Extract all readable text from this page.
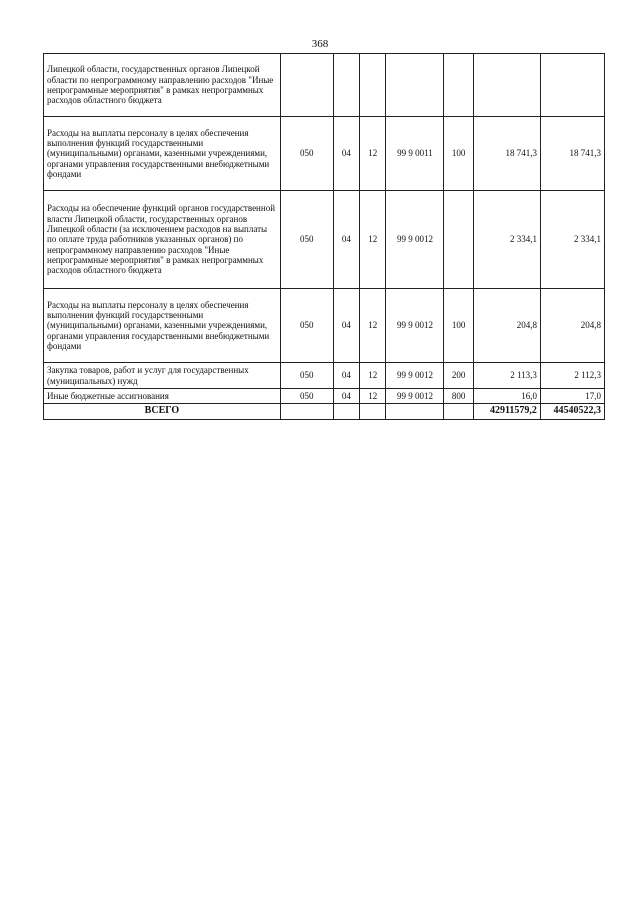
368
Липецкой области, государственных органов Липецкой области по непрограммному направлению расходов "Иные непрограммные мероприятия" в рамках непрограммных расходов областного бюджета							
Расходы на выплаты персоналу в целях обеспечения выполнения функций государственными (муниципальными) органами, казенными учреждениями, органами управления государственными внебюджетными фондами	050	04	12	99 9 0011	100	18 741,3	18 741,3
Расходы на обеспечение функций органов государственной власти Липецкой области, государственных органов Липецкой области (за исключением расходов на выплаты по оплате труда работников указанных органов) по непрограммному направлению расходов "Иные непрограммные мероприятия" в рамках непрограммных расходов областного бюджета	050	04	12	99 9 0012		2 334,1	2 334,1
Расходы на выплаты персоналу в целях обеспечения выполнения функций государственными (муниципальными) органами, казенными учреждениями, органами управления государственными внебюджетными фондами	050	04	12	99 9 0012	100	204,8	204,8
Закупка товаров, работ и услуг для государственных (муниципальных) нужд	050	04	12	99 9 0012	200	2 113,3	2 112,3
Иные бюджетные ассигнования	050	04	12	99 9 0012	800	16,0	17,0
ВСЕГО						42911579,2	44540522,3
